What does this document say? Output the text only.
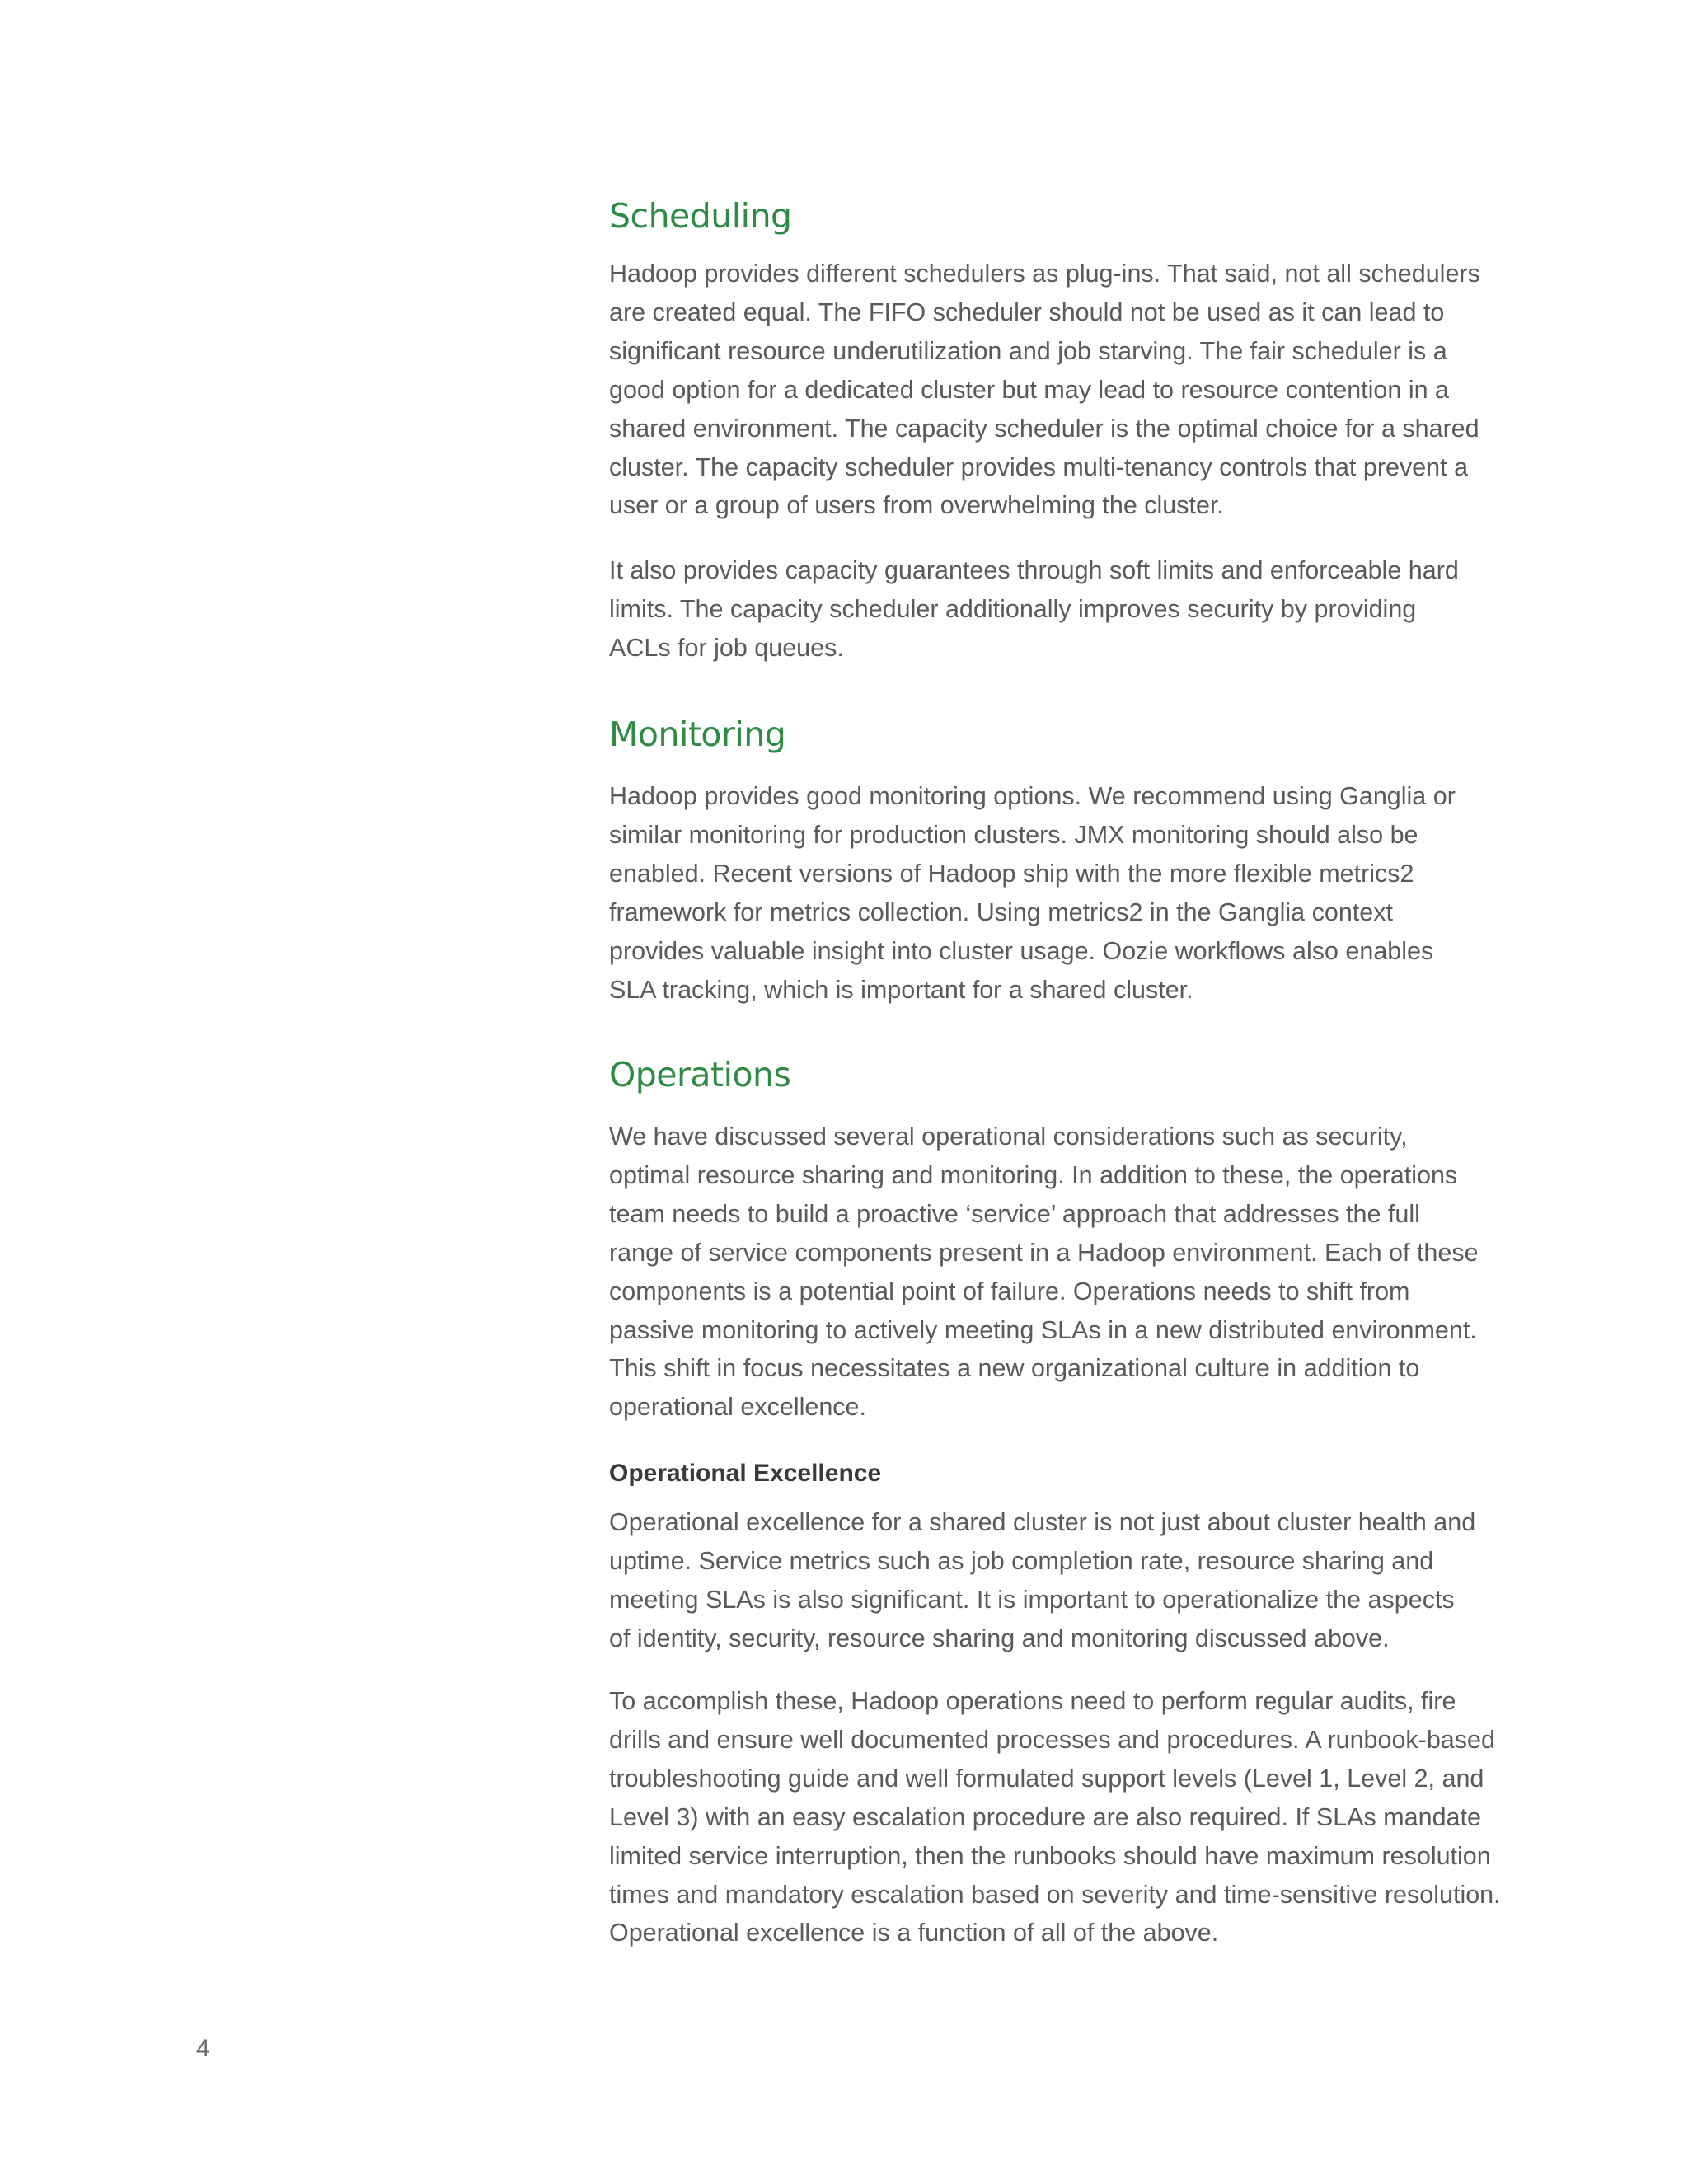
Scheduling

Hadoop provides different schedulers as plug-ins. That said, not all schedulers
are created equal. The FIFO scheduler should not be used as it can lead to
significant resource underutilization and job starving. The fair scheduler is a
good option for a dedicated cluster but may lead to resource contention in a
shared environment. The capacity scheduler is the optimal choice for a shared
cluster. The capacity scheduler provides multi-tenancy controls that prevent a
user or a group of users from overwhelming the cluster.

It also provides capacity guarantees through soft limits and enforceable hard
limits. The capacity scheduler additionally improves security by providing
ACLs for job queues.

Monitoring

Hadoop provides good monitoring options. We recommend using Ganglia or
similar monitoring for production clusters. JMX monitoring should also be
enabled. Recent versions of Hadoop ship with the more flexible metrics2
framework for metrics collection. Using metrics2 in the Ganglia context
provides valuable insight into cluster usage. Oozie workflows also enables
SLA tracking, which is important for a shared cluster.

Operations

We have discussed several operational considerations such as security,
optimal resource sharing and monitoring. In addition to these, the operations
team needs to build a proactive ‘service’ approach that addresses the full
range of service components present in a Hadoop environment. Each of these
components is a potential point of failure. Operations needs to shift from
passive monitoring to actively meeting SLAs in a new distributed environment.
This shift in focus necessitates a new organizational culture in addition to
operational excellence.

Operational Excellence

Operational excellence for a shared cluster is not just about cluster health and
uptime. Service metrics such as job completion rate, resource sharing and
meeting SLAs is also significant. It is important to operationalize the aspects
of identity, security, resource sharing and monitoring discussed above.

To accomplish these, Hadoop operations need to perform regular audits, fire
drills and ensure well documented processes and procedures. A runbook-based
troubleshooting guide and well formulated support levels (Level 1, Level 2, and
Level 3) with an easy escalation procedure are also required. If SLAs mandate
limited service interruption, then the runbooks should have maximum resolution
times and mandatory escalation based on severity and time-sensitive resolution.
Operational excellence is a function of all of the above.

4
